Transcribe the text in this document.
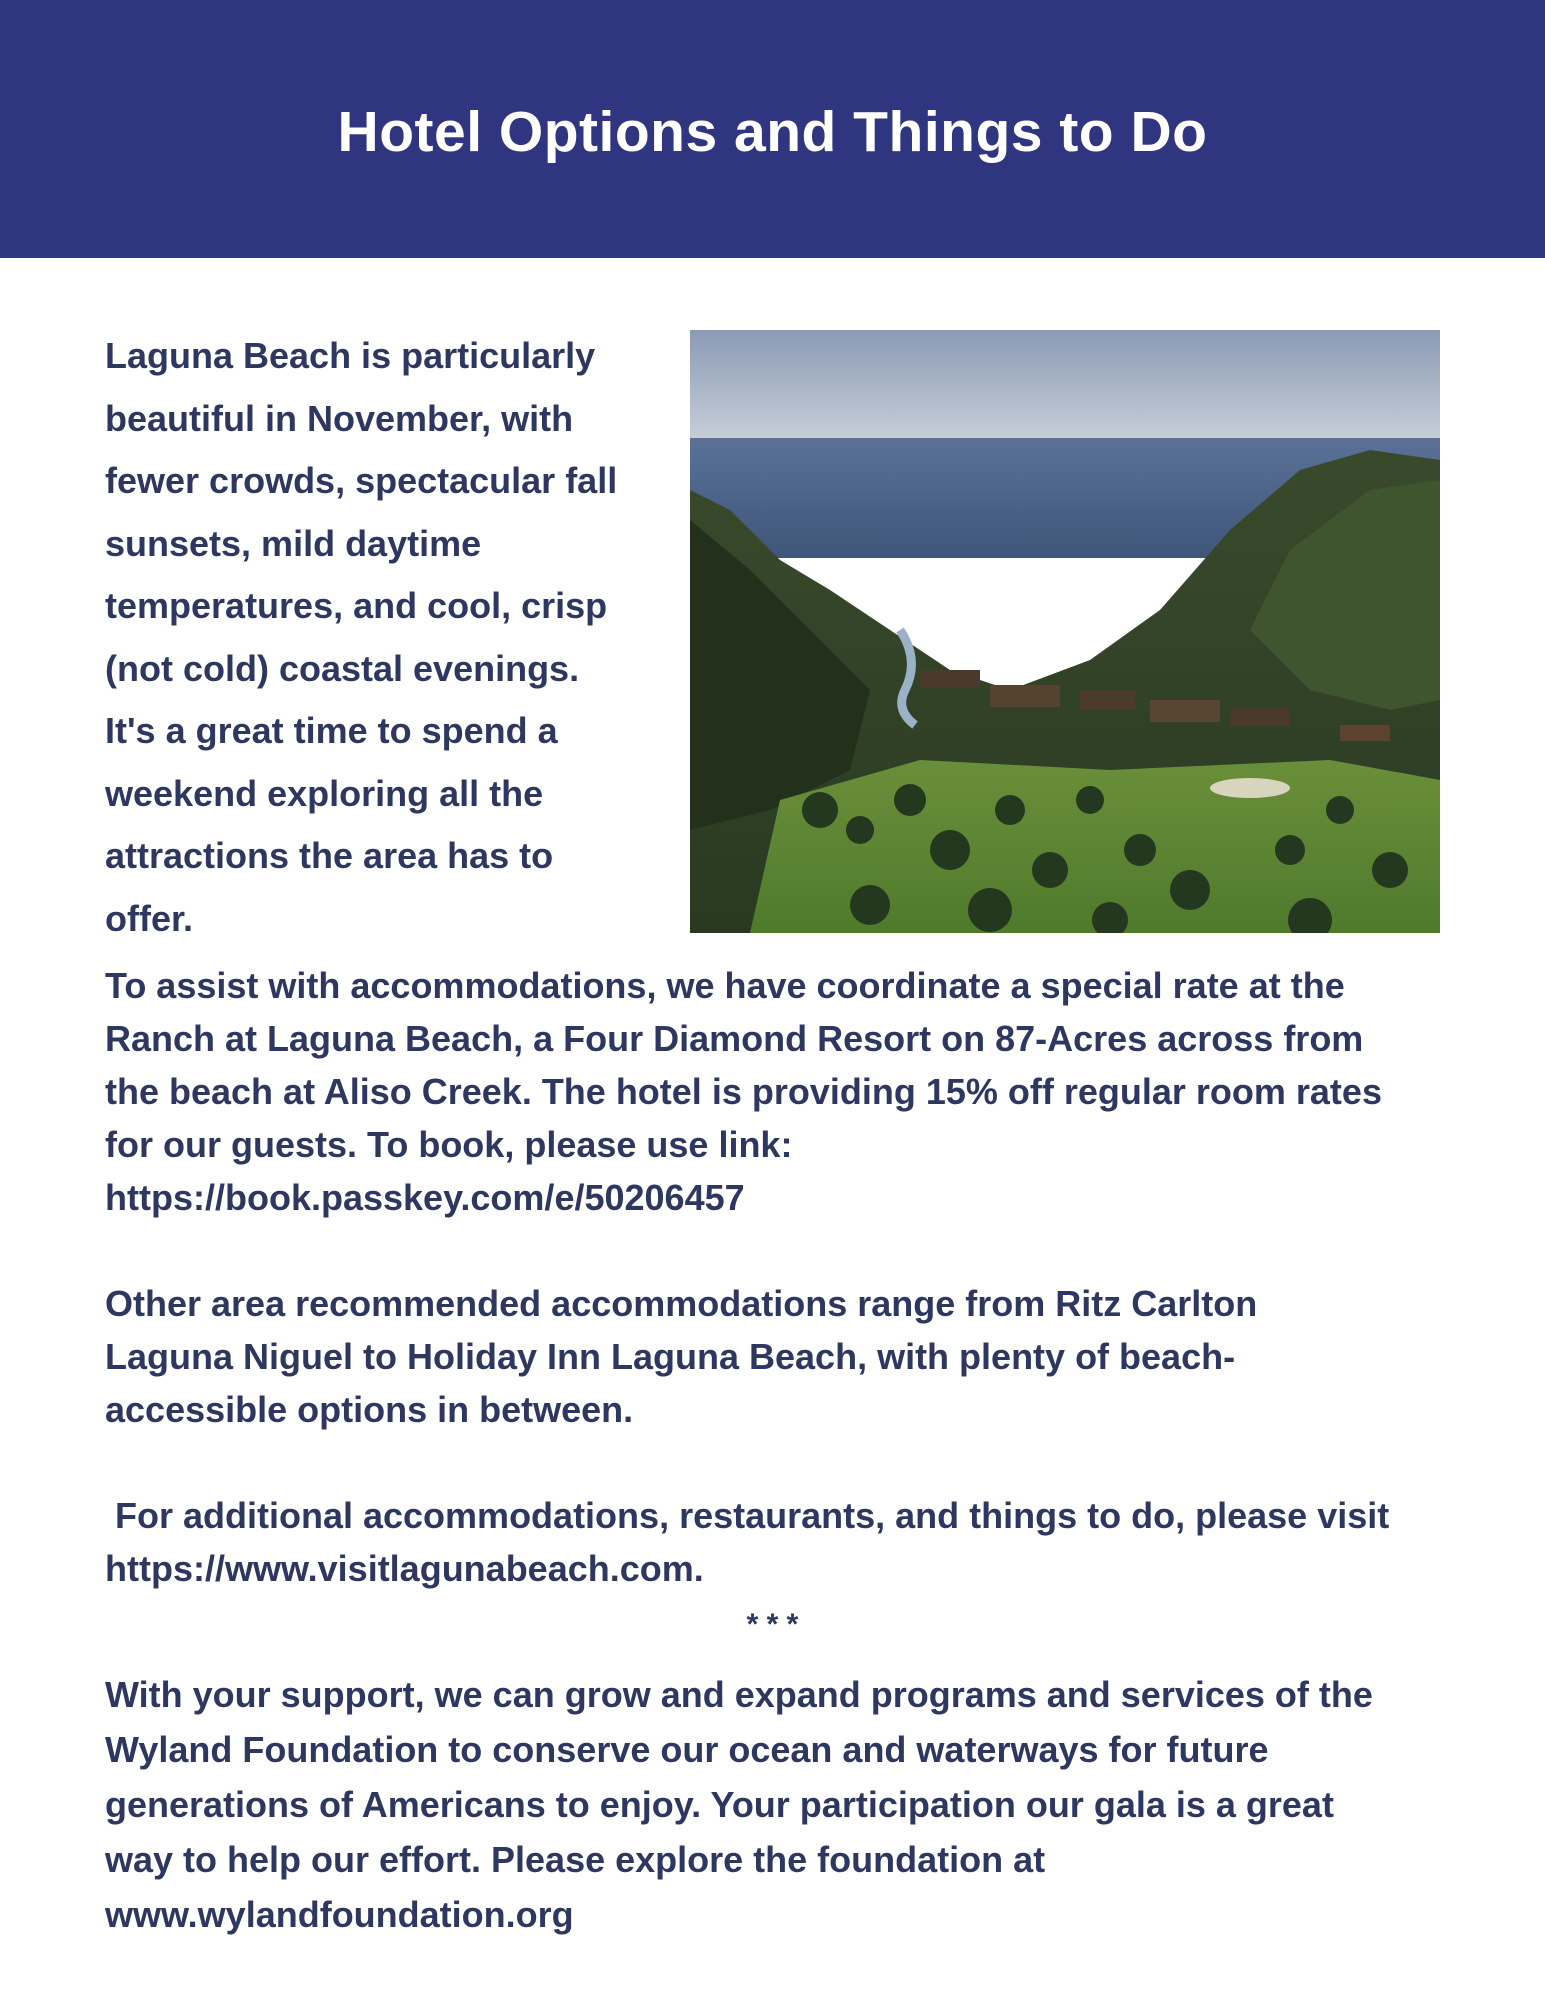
Hotel Options and Things to Do
Laguna Beach is particularly
beautiful in November, with
fewer crowds, spectacular fall
sunsets, mild daytime
temperatures, and cool, crisp
(not cold) coastal evenings.
It's a great time to spend a
weekend exploring all the
attractions the area has to
offer.
To assist with accommodations, we have coordinate a special rate at the
Ranch at Laguna Beach, a Four Diamond Resort on 87-Acres across from
the beach at Aliso Creek. The hotel is providing 15% off regular room rates
for our guests. To book, please use link:
https://book.passkey.com/e/50206457
Other area recommended accommodations range from Ritz Carlton
Laguna Niguel to Holiday Inn Laguna Beach, with plenty of beach-
accessible options in between.
For additional accommodations, restaurants, and things to do, please visit
https://www.visitlagunabeach.com.
* * *
With your support, we can grow and expand programs and services of the
Wyland Foundation to conserve our ocean and waterways for future
generations of Americans to enjoy. Your participation our gala is a great
way to help our effort. Please explore the foundation at
www.wylandfoundation.org
